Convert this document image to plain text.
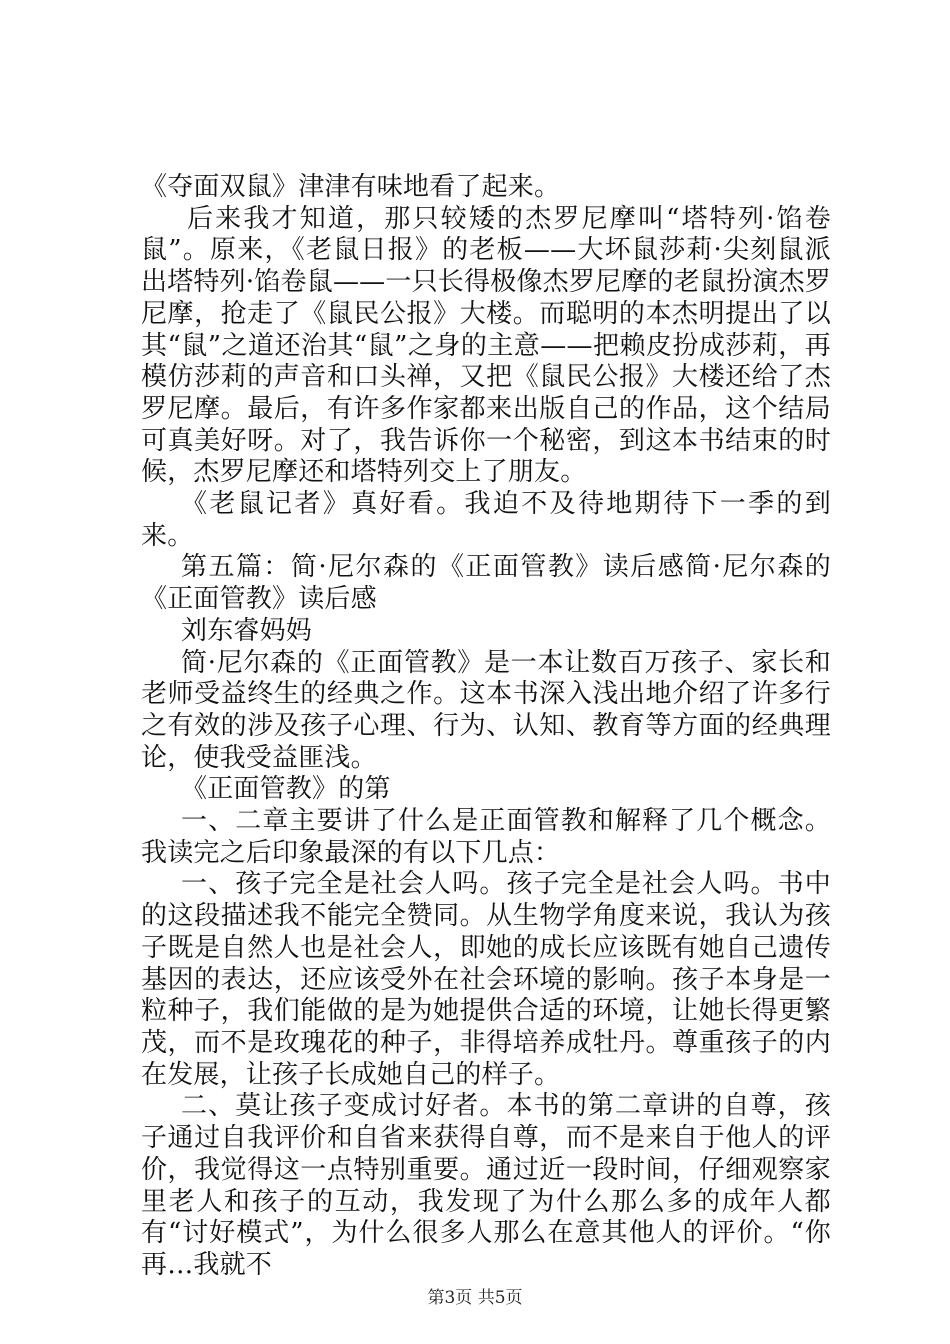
《夺面双鼠》津津有味地看了起来。

后来我才知道，那只较矮的杰罗尼摩叫“塔特列·馅卷鼠”。原来，《老鼠日报》的老板——大坏鼠莎莉·尖刻鼠派出塔特列·馅卷鼠——一只长得极像杰罗尼摩的老鼠扮演杰罗尼摩，抢走了《鼠民公报》大楼。而聪明的本杰明提出了以其“鼠”之道还治其“鼠”之身的主意——把赖皮扮成莎莉，再模仿莎莉的声音和口头禅，又把《鼠民公报》大楼还给了杰罗尼摩。最后，有许多作家都来出版自己的作品，这个结局可真美好呀。对了，我告诉你一个秘密，到这本书结束的时候，杰罗尼摩还和塔特列交上了朋友。

《老鼠记者》真好看。我迫不及待地期待下一季的到来。

第五篇：简·尼尔森的《正面管教》读后感简·尼尔森的《正面管教》读后感

刘东睿妈妈

简·尼尔森的《正面管教》是一本让数百万孩子、家长和老师受益终生的经典之作。这本书深入浅出地介绍了许多行之有效的涉及孩子心理、行为、认知、教育等方面的经典理论，使我受益匪浅。

《正面管教》的第

一、二章主要讲了什么是正面管教和解释了几个概念。我读完之后印象最深的有以下几点：

一、孩子完全是社会人吗。孩子完全是社会人吗。书中的这段描述我不能完全赞同。从生物学角度来说，我认为孩子既是自然人也是社会人，即她的成长应该既有她自己遗传基因的表达，还应该受外在社会环境的影响。孩子本身是一粒种子，我们能做的是为她提供合适的环境，让她长得更繁茂，而不是玫瑰花的种子，非得培养成牡丹。尊重孩子的内在发展，让孩子长成她自己的样子。

二、莫让孩子变成讨好者。本书的第二章讲的自尊，孩子通过自我评价和自省来获得自尊，而不是来自于他人的评价，我觉得这一点特别重要。通过近一段时间，仔细观察家里老人和孩子的互动，我发现了为什么那么多的成年人都有“讨好模式”，为什么很多人那么在意其他人的评价。“你再…我就不

第3页 共5页
